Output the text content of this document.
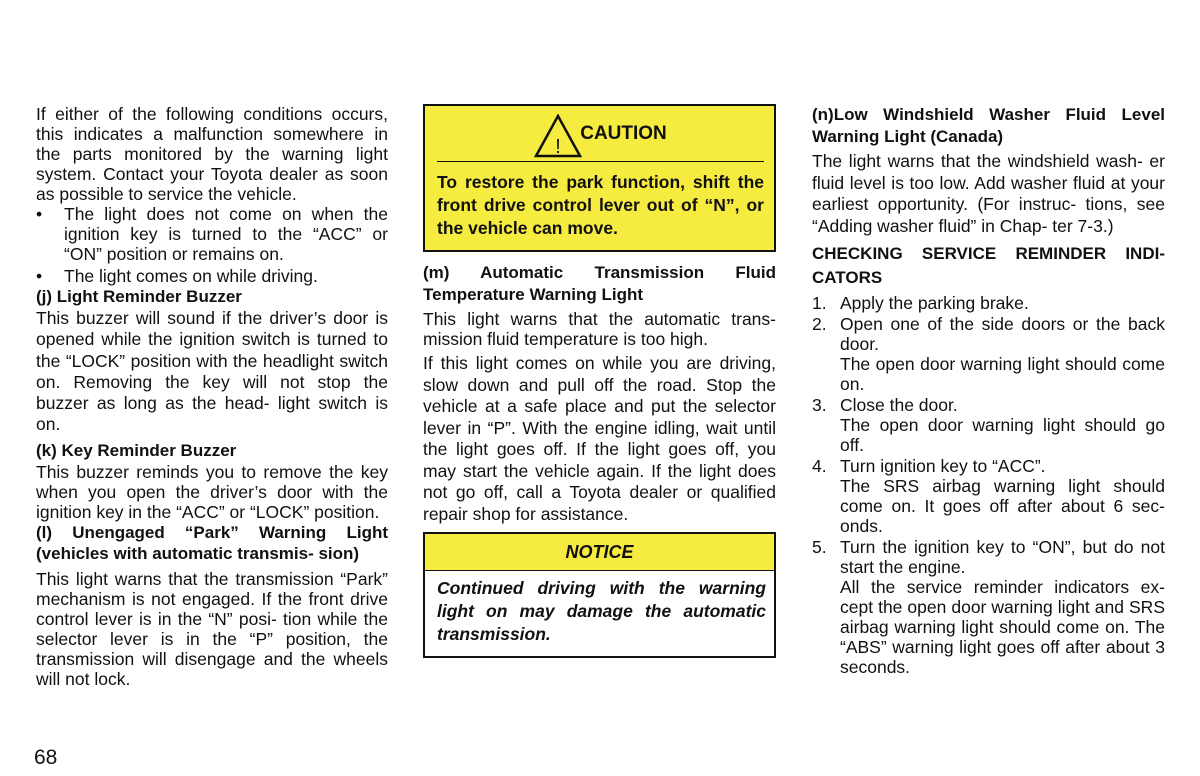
If either of the following conditions occurs, this indicates a malfunction somewhere in the parts monitored by the warning light system. Contact your Toyota dealer as soon as possible to service the vehicle.

• The light does not come on when the ignition key is turned to the “ACC” or “ON” position or remains on.
• The light comes on while driving.

(j) Light Reminder Buzzer

This buzzer will sound if the driver’s door is opened while the ignition switch is turned to the “LOCK” position with the headlight switch on. Removing the key will not stop the buzzer as long as the head- light switch is on.

(k) Key Reminder Buzzer

This buzzer reminds you to remove the key when you open the driver’s door with the ignition key in the “ACC” or “LOCK” position.

(l) Unengaged “Park” Warning Light (vehicles with automatic transmis- sion)

This light warns that the transmission “Park” mechanism is not engaged. If the front drive control lever is in the “N” posi- tion while the selector lever is in the “P” position, the transmission will disengage and the wheels will not lock.

!
CAUTION

To restore the park function, shift the front drive control lever out of “N”, or the vehicle can move.

(m) Automatic Transmission Fluid Temperature Warning Light

This light warns that the automatic trans- mission fluid temperature is too high.

If this light comes on while you are driving, slow down and pull off the road. Stop the vehicle at a safe place and put the selector lever in “P”. With the engine idling, wait until the light goes off. If the light goes off, you may start the vehicle again. If the light does not go off, call a Toyota dealer or qualified repair shop for assistance.

NOTICE

Continued driving with the warning light on may damage the automatic transmission.

(n)Low Windshield Washer Fluid Level Warning Light (Canada)

The light warns that the windshield wash- er fluid level is too low. Add washer fluid at your earliest opportunity. (For instruc- tions, see “Adding washer fluid” in Chap- ter 7-3.)

CHECKING SERVICE REMINDER INDI- CATORS

1. Apply the parking brake.
2. Open one of the side doors or the back door.
The open door warning light should come on.
3. Close the door.
The open door warning light should go off.
4. Turn ignition key to “ACC”.
The SRS airbag warning light should come on. It goes off after about 6 sec- onds.
5. Turn the ignition key to “ON”, but do not start the engine.
All the service reminder indicators ex- cept the open door warning light and SRS airbag warning light should come on. The “ABS” warning light goes off after about 3 seconds.
68
